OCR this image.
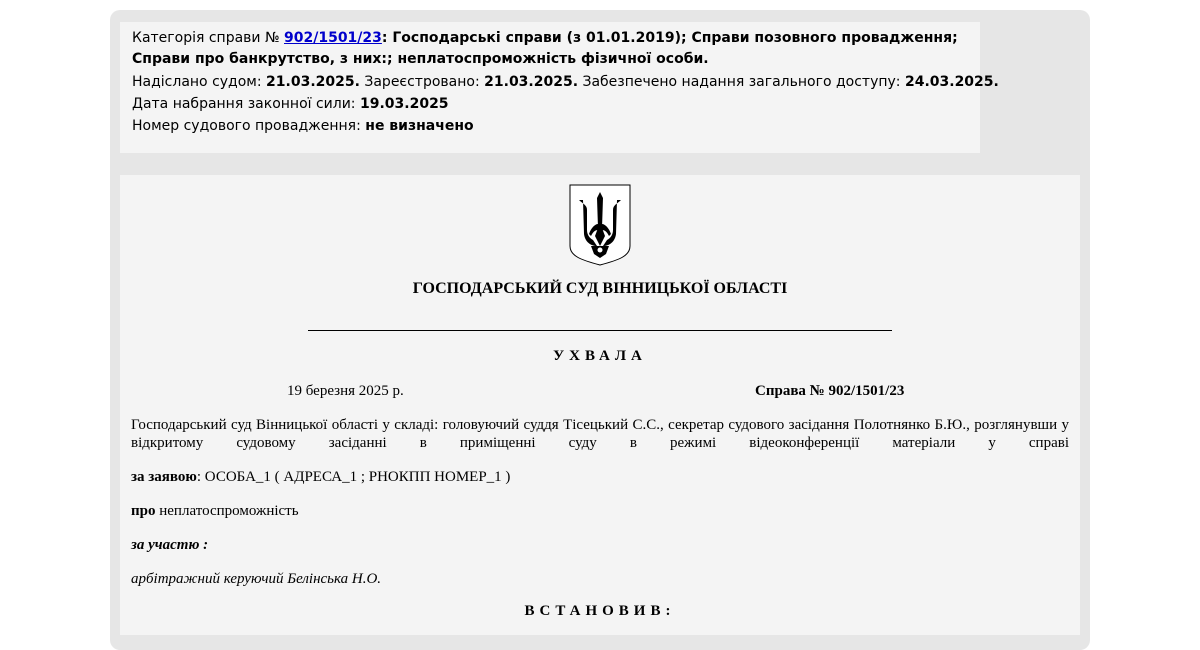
Категорія справи № 902/1501/23: Господарські справи (з 01.01.2019); Справи позовного провадження; Справи про банкрутство, з них:; неплатоспроможність фізичної особи.
Надіслано судом: 21.03.2025. Зареєстровано: 21.03.2025. Забезпечено надання загального доступу: 24.03.2025.
Дата набрання законної сили: 19.03.2025
Номер судового провадження: не визначено
ГОСПОДАРСЬКИЙ СУД ВІННИЦЬКОЇ ОБЛАСТІ
УХВАЛА
19 березня 2025 р.	Справа № 902/1501/23
Господарський суд Вінницької області у складі: головуючий суддя Тісецький С.С., секретар судового засідання Полотнянко Б.Ю., розглянувши у відкритому судовому засіданні в приміщенні суду в режимі відеоконференції матеріали у справі
за заявою: ОСОБА_1 ( АДРЕСА_1 ; РНОКПП НОМЕР_1 )
про неплатоспроможність
за участю :
арбітражний керуючий Белінська Н.О.
ВСТАНОВИВ:
